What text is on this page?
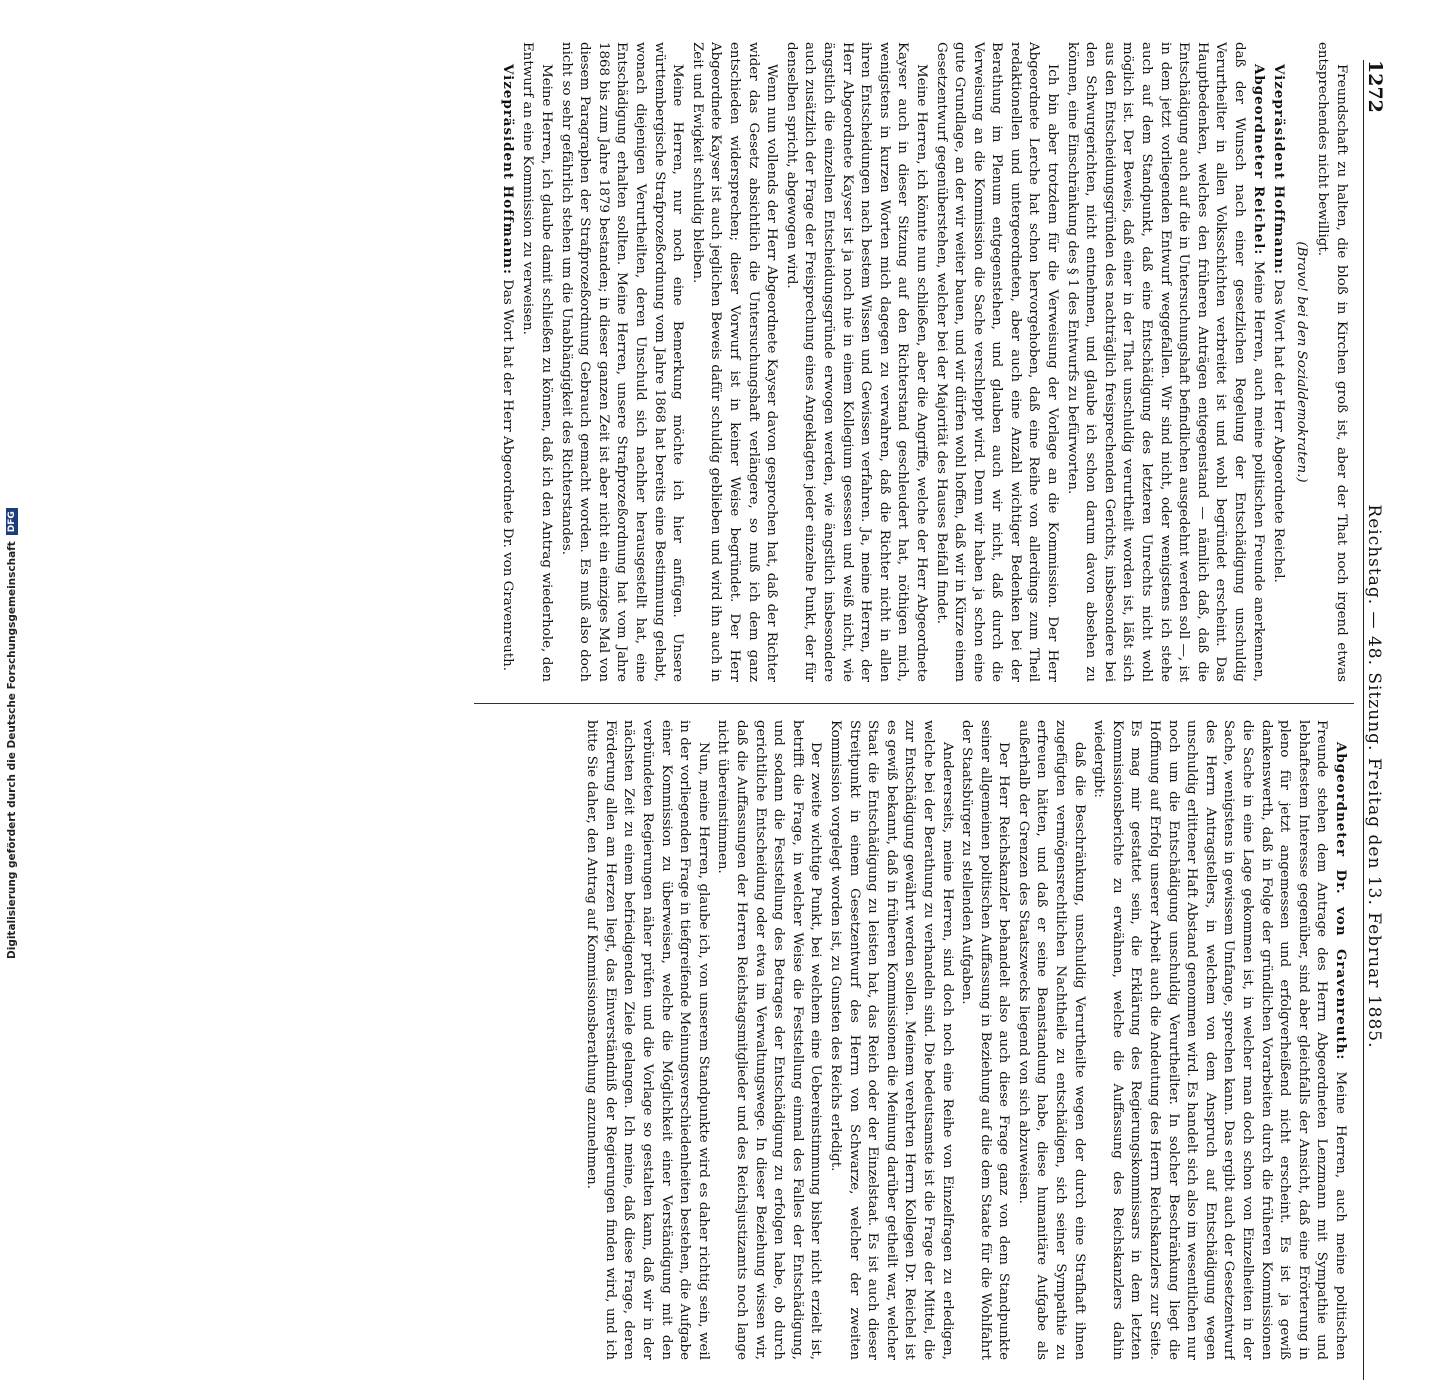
1272
Reichstag. — 48. Sitzung. Freitag den 13. Februar 1885.

Freundschaft zu halten, die bloß in Kirchen groß ist, aber der That noch irgend etwas entsprechendes nicht bewilligt.

(Bravo! bei den Sozialdemokraten.)

Vizepräsident Hoffmann: Das Wort hat der Herr Abgeordnete Reichel.

Abgeordneter Reichel: Meine Herren, auch meine politischen Freunde anerkennen, daß der Wunsch nach einer gesetzlichen Regelung der Entschädigung unschuldig Verurtheilter in allen Volksschichten verbreitet ist und wohl begründet erscheint. Das Hauptbedenken, welches den früheren Anträgen entgegenstand — nämlich daß, daß die Entschädigung auch auf die in Untersuchungshaft befindlichen ausgedehnt werden soll —, ist in dem jetzt vorliegenden Entwurf weggefallen. Wir sind nicht, oder wenigstens ich stehe auch auf dem Standpunkt, daß eine Entschädigung des letzteren Unrechts nicht wohl möglich ist. Der Beweis, daß einer in der That unschuldig verurtheilt worden ist, läßt sich aus den Entscheidungsgründen des nachträglich freisprechenden Gerichts, insbesondere bei den Schwurgerichten, nicht entnehmen, und glaube ich schon darum davon absehen zu können, eine Einschränkung des § 1 des Entwurfs zu befürworten.

Ich bin aber trotzdem für die Verweisung der Vorlage an die Kommission. Der Herr Abgeordnete Lerche hat schon hervorgehoben, daß eine Reihe von allerdings zum Theil redaktionellen und untergeordneten, aber auch eine Anzahl wichtiger Bedenken bei der Berathung im Plenum entgegenstehen, und glauben auch wir nicht, daß durch die Verweisung an die Kommission die Sache verschleppt wird. Denn wir haben ja schon eine gute Grundlage, an der wir weiter bauen, und wir dürfen wohl hoffen, daß wir in Kürze einem Gesetzentwurf gegenüberstehen, welcher bei der Majorität des Hauses Beifall findet.

Meine Herren, ich könnte nun schließen, aber die Angriffe, welche der Herr Abgeordnete Kayser auch in dieser Sitzung auf den Richterstand geschleudert hat, nöthigen mich, wenigstens in kurzen Worten mich dagegen zu verwahren, daß die Richter nicht in allen ihren Entscheidungen nach bestem Wissen und Gewissen verfahren. Ja, meine Herren, der Herr Abgeordnete Kayser ist ja noch nie in einem Kollegium gesessen und weiß nicht, wie ängstlich die einzelnen Entscheidungsgründe erwogen werden, wie ängstlich insbesondere auch zusätzlich der Frage der Freisprechung eines Angeklagten jeder einzelne Punkt, der für denselben spricht, abgewogen wird.

Wenn nun vollends der Herr Abgeordnete Kayser davon gesprochen hat, daß der Richter wider das Gesetz absichtlich die Untersuchungshaft verlängere, so muß ich dem ganz entschieden widersprechen; dieser Vorwurf ist in keiner Weise begründet. Der Herr Abgeordnete Kayser ist auch jeglichen Beweis dafür schuldig geblieben und wird ihn auch in Zeit und Ewigkeit schuldig bleiben.

Meine Herren, nur noch eine Bemerkung möchte ich hier anfügen. Unsere württembergische Strafprozeßordnung vom Jahre 1868 hat bereits eine Bestimmung gehabt, wonach diejenigen Verurtheilten, deren Unschuld sich nachher herausgestellt hat, eine Entschädigung erhalten sollten. Meine Herren, unsere Strafprozeßordnung hat vom Jahre 1868 bis zum Jahre 1879 bestanden; in dieser ganzen Zeit ist aber nicht ein einziges Mal von diesem Paragraphen der Strafprozeßordnung Gebrauch gemacht worden. Es muß also doch nicht so sehr gefährlich stehen um die Unabhängigkeit des Richterstandes.

Meine Herren, ich glaube damit schließen zu können, daß ich den Antrag wiederhole, den Entwurf an eine Kommission zu verweisen.

Vizepräsident Hoffmann: Das Wort hat der Herr Abgeordnete Dr. von Gravenreuth.

Abgeordneter Dr. von Gravenreuth: Meine Herren, auch meine politischen Freunde stehen dem Antrage des Herrn Abgeordneten Lenzmann mit Sympathie und lebhaftestem Interesse gegenüber, sind aber gleichfalls der Ansicht, daß eine Erörterung in pleno für jetzt angemessen und erfolgverheißend nicht erscheint. Es ist ja gewiß dankenswerth, daß in Folge der gründlichen Vorarbeiten durch die früheren Kommissionen die Sache in eine Lage gekommen ist, in welcher man doch schon von Einzelheiten in der Sache, wenigstens in gewissem Umfange, sprechen kann. Das ergibt auch der Gesetzentwurf des Herrn Antragstellers, in welchem von dem Anspruch auf Entschädigung wegen unschuldig erlittener Haft Abstand genommen wird. Es handelt sich also im wesentlichen nur noch um die Entschädigung unschuldig Verurtheilter. In solcher Beschränkung liegt die Hoffnung auf Erfolg unserer Arbeit auch die Andeutung des Herrn Reichskanzlers zur Seite. Es mag mir gestattet sein, die Erklärung des Regierungskommissars in dem letzten Kommissionsberichte zu erwähnen, welche die Auffassung des Reichskanzlers dahin wiedergibt:

daß die Beschränkung, unschuldig Verurtheilte wegen der durch eine Strafhaft ihnen zugefügten vermögensrechtlichen Nachtheile zu entschädigen, sich seiner Sympathie zu erfreuen hätten, und daß er seine Beanstandung habe, diese humanitäre Aufgabe als außerhalb der Grenzen des Staatszwecks liegend von sich abzuweisen.

Der Herr Reichskanzler behandelt also auch diese Frage ganz von dem Standpunkte seiner allgemeinen politischen Auffassung in Beziehung auf die dem Staate für die Wohlfahrt der Staatsbürger zu stellenden Aufgaben.

Andererseits, meine Herren, sind doch noch eine Reihe von Einzelfragen zu erledigen, welche bei der Berathung zu verhandeln sind. Die bedeutsamste ist die Frage der Mittel, die zur Entschädigung gewährt werden sollen. Meinem verehrten Herrn Kollegen Dr. Reichel ist es gewiß bekannt, daß in früheren Kommissionen die Meinung darüber getheilt war, welcher Staat die Entschädigung zu leisten hat, das Reich oder der Einzelstaat. Es ist auch dieser Streitpunkt in einem Gesetzentwurf des Herrn von Schwarze, welcher der zweiten Kommission vorgelegt worden ist, zu Gunsten des Reichs erledigt.

Der zweite wichtige Punkt, bei welchem eine Uebereinstimmung bisher nicht erzielt ist, betrifft die Frage, in welcher Weise die Feststellung einmal des Falles der Entschädigung, und sodann die Feststellung des Betrages der Entschädigung zu erfolgen habe, ob durch gerichtliche Entscheidung oder etwa im Verwaltungswege. In dieser Beziehung wissen wir, daß die Auffassungen der Herren Reichstagsmitglieder und des Reichsjustizamts noch lange nicht übereinstimmen.

Nun, meine Herren, glaube ich, von unserem Standpunkte wird es daher richtig sein, weil in der vorliegenden Frage in tiefgreifende Meinungsverschiedenheiten bestehen, die Aufgabe einer Kommission zu überweisen, welche die Möglichkeit einer Verständigung mit den verbündeten Regierungen näher prüfen und die Vorlage so gestalten kann, daß wir in der nächsten Zeit zu einem befriedigenden Ziele gelangen. Ich meine, daß diese Frage, deren Förderung allen am Herzen liegt, das Einverständniß der Regierungen finden wird, und ich bitte Sie daher, den Antrag auf Kommissionsberathung anzunehmen.

Digitalisierung gefördert durch die Deutsche Forschungsgemeinschaft
DFG
